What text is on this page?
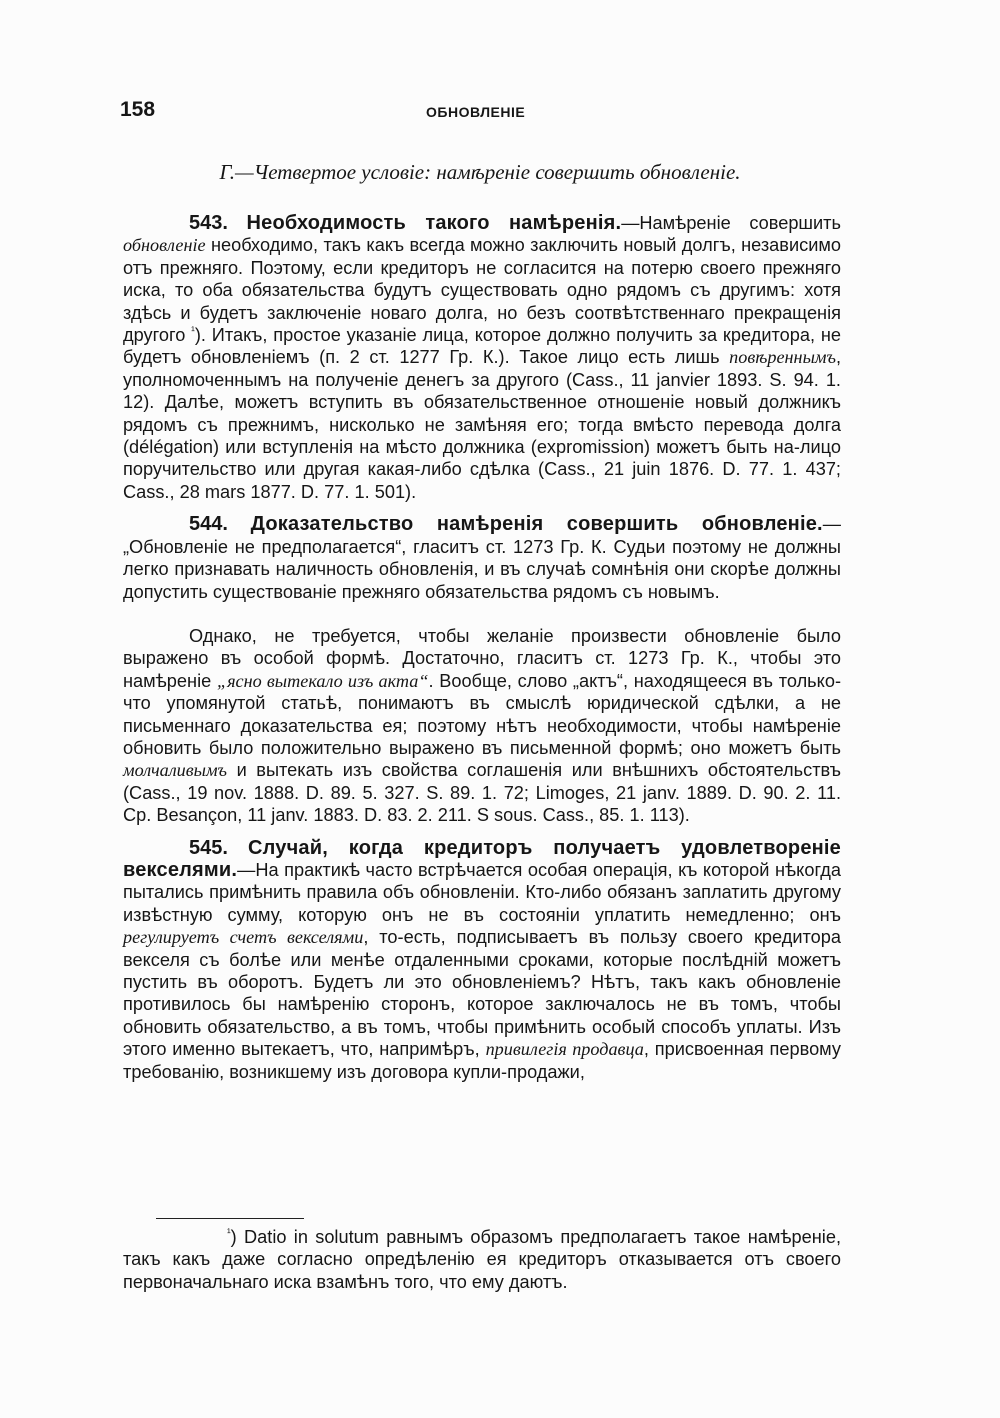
158	ОБНОВЛЕНIЕ
Г.—Четвертое условіе: намѣреніе совершить обновленіе.

543. Необходимость такого намѣренія.—Намѣреніе совершить обновленіе необходимо, такъ какъ всегда можно заключить новый долгъ, независимо отъ прежняго. Поэтому, если кредиторъ не согласится на потерю своего прежняго иска, то оба обязательства будутъ существовать одно рядомъ съ другимъ: хотя здѣсь и будетъ заключеніе новаго долга, но безъ соотвѣтственнаго прекращенія другого $^{^1}$). Итакъ, простое указаніе лица, которое должно получить за кредитора, не будетъ обновленіемъ (п. 2 ст. 1277 Гр. К.). Такое лицо есть лишь повѣреннымъ, уполномоченнымъ на полученіе денегъ за другого (Cass., 11 janvier 1893. S. 94. 1. 12). Далѣе, можетъ вступить въ обязательственное отношеніе новый должникъ рядомъ съ прежнимъ, нисколько не замѣняя его; тогда вмѣсто перевода долга (délégation) или вступленія на мѣсто должника (expromission) можетъ быть на-лицо поручительство или другая какая-либо сдѣлка (Cass., 21 juin 1876. D. 77. 1. 437; Cass., 28 mars 1877. D. 77. 1. 501).

544. Доказательство намѣренія совершить обновленіе.—„Обновленіе не предполагается“, гласитъ ст. 1273 Гр. К. Судьи поэтому не должны легко признавать наличность обновленія, и въ случаѣ сомнѣнія они скорѣе должны допустить существованіе прежняго обязательства рядомъ съ новымъ.

Однако, не требуется, чтобы желаніе произвести обновленіе было выражено въ особой формѣ. Достаточно, гласитъ ст. 1273 Гр. К., чтобы это намѣреніе „ясно вытекало изъ акта“. Вообще, слово „актъ“, находящееся въ только-что упомянутой статьѣ, понимаютъ въ смыслѣ юридической сдѣлки, а не письменнаго доказательства ея; поэтому нѣтъ необходимости, чтобы намѣреніе обновить было положительно выражено въ письменной формѣ; оно можетъ быть молчаливымъ и вытекать изъ свойства соглашенія или внѣшнихъ обстоятельствъ (Cass., 19 nov. 1888. D. 89. 5. 327. S. 89. 1. 72; Limoges, 21 janv. 1889. D. 90. 2. 11. Cp. Besançon, 11 janv. 1883. D. 83. 2. 211. S sous. Cass., 85. 1. 113).

545. Случай, когда кредиторъ получаетъ удовлетвореніе векселями.—На практикѣ часто встрѣчается особая операція, къ которой нѣкогда пытались примѣнить правила объ обновленіи. Кто-либо обязанъ заплатить другому извѣстную сумму, которую онъ не въ состояніи уплатить немедленно; онъ регулируетъ счетъ векселями, то-есть, подписываетъ въ пользу своего кредитора векселя съ болѣе или менѣе отдаленными сроками, которые послѣдній можетъ пустить въ оборотъ. Будетъ ли это обновленіемъ? Нѣтъ, такъ какъ обновленіе противилось бы намѣренію сторонъ, которое заключалось не въ томъ, чтобы обновить обязательство, а въ томъ, чтобы примѣнить особый способъ уплаты. Изъ этого именно вытекаетъ, что, напримѣръ, привилегія продавца, присвоенная первому требованію, возникшему изъ договора купли-продажи,

$^{^1}$) Datio in solutum равнымъ образомъ предполагаетъ такое намѣреніе, такъ какъ даже согласно опредѣленію ея кредиторъ отказывается отъ своего первоначальнаго иска взамѣнъ того, что ему даютъ.
